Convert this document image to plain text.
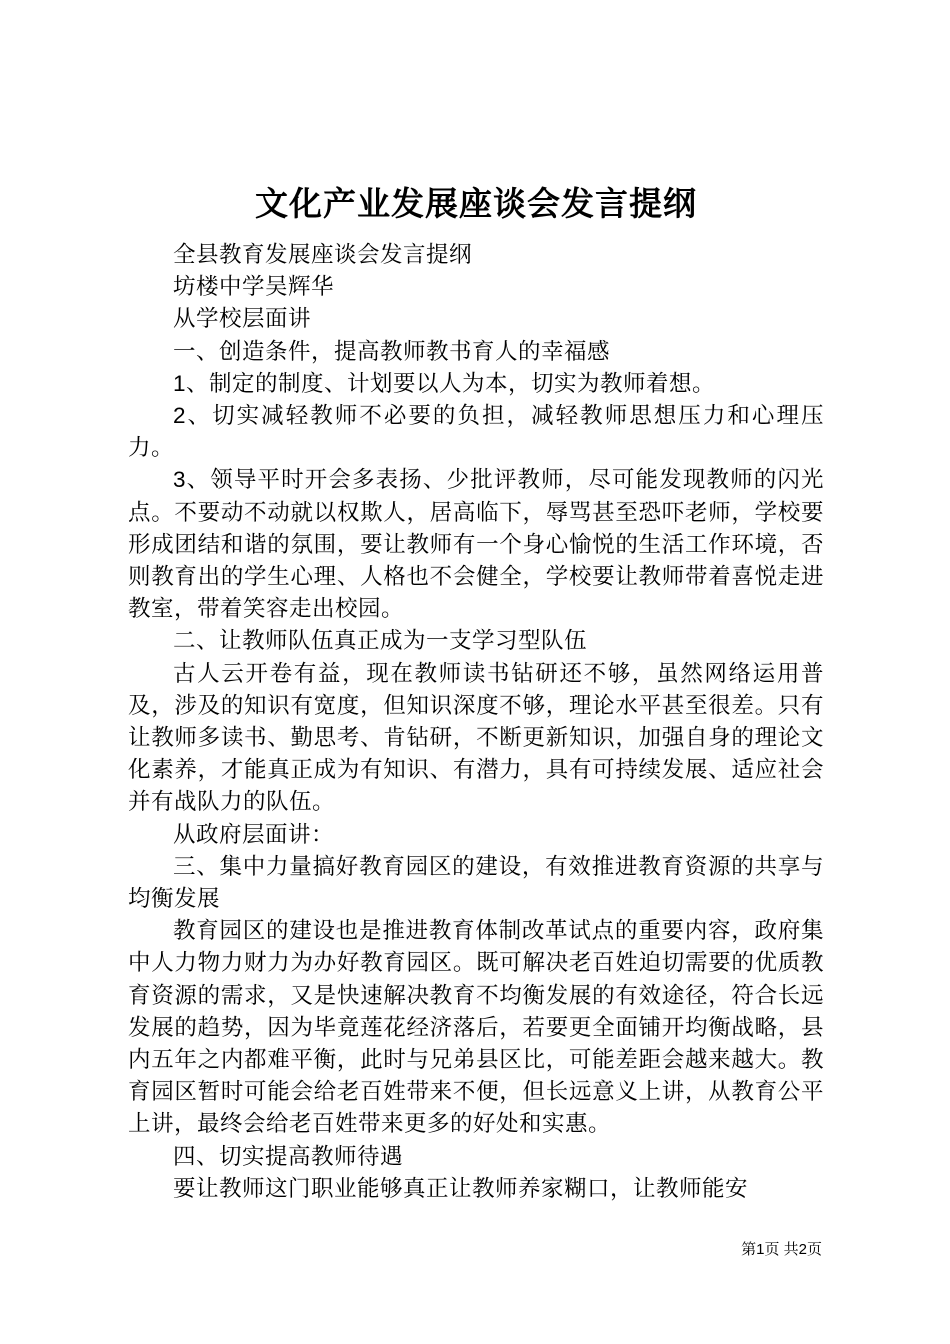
文化产业发展座谈会发言提纲

全县教育发展座谈会发言提纲

坊楼中学吴辉华

从学校层面讲

一、创造条件，提高教师教书育人的幸福感

1、制定的制度、计划要以人为本，切实为教师着想。

2、切实减轻教师不必要的负担，减轻教师思想压力和心理压力。

3、领导平时开会多表扬、少批评教师，尽可能发现教师的闪光点。不要动不动就以权欺人，居高临下，辱骂甚至恐吓老师，学校要形成团结和谐的氛围，要让教师有一个身心愉悦的生活工作环境，否则教育出的学生心理、人格也不会健全，学校要让教师带着喜悦走进教室，带着笑容走出校园。

二、让教师队伍真正成为一支学习型队伍

古人云开卷有益，现在教师读书钻研还不够，虽然网络运用普及，涉及的知识有宽度，但知识深度不够，理论水平甚至很差。只有让教师多读书、勤思考、肯钻研，不断更新知识，加强自身的理论文化素养，才能真正成为有知识、有潜力，具有可持续发展、适应社会并有战队力的队伍。

从政府层面讲：

三、集中力量搞好教育园区的建设，有效推进教育资源的共享与均衡发展

教育园区的建设也是推进教育体制改革试点的重要内容，政府集中人力物力财力为办好教育园区。既可解决老百姓迫切需要的优质教育资源的需求，又是快速解决教育不均衡发展的有效途径，符合长远发展的趋势，因为毕竟莲花经济落后，若要更全面铺开均衡战略，县内五年之内都难平衡，此时与兄弟县区比，可能差距会越来越大。教育园区暂时可能会给老百姓带来不便，但长远意义上讲，从教育公平上讲，最终会给老百姓带来更多的好处和实惠。

四、切实提高教师待遇

要让教师这门职业能够真正让教师养家糊口，让教师能安

第1页 共2页
